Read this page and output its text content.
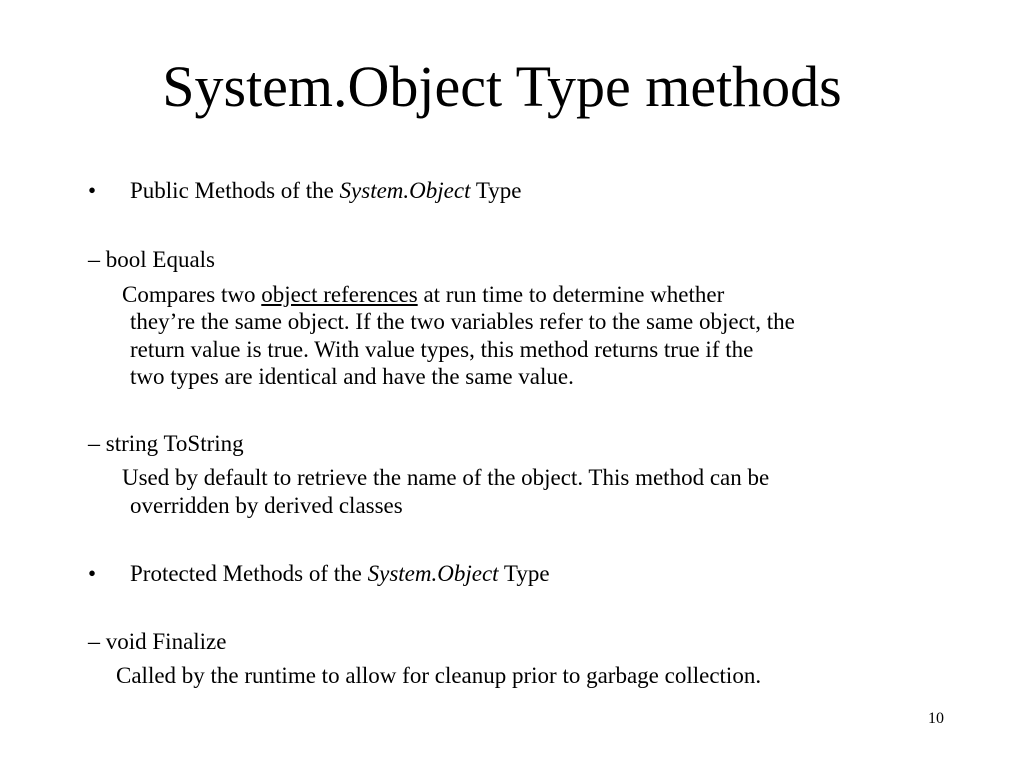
System.Object Type methods
• Public Methods of the System.Object Type
– bool Equals
Compares two object references at run time to determine whether
they’re the same object. If the two variables refer to the same object, the
return value is true. With value types, this method returns true if the
two types are identical and have the same value.
– string ToString
Used by default to retrieve the name of the object. This method can be
overridden by derived classes
• Protected Methods of the System.Object Type
– void Finalize
Called by the runtime to allow for cleanup prior to garbage collection.
10
